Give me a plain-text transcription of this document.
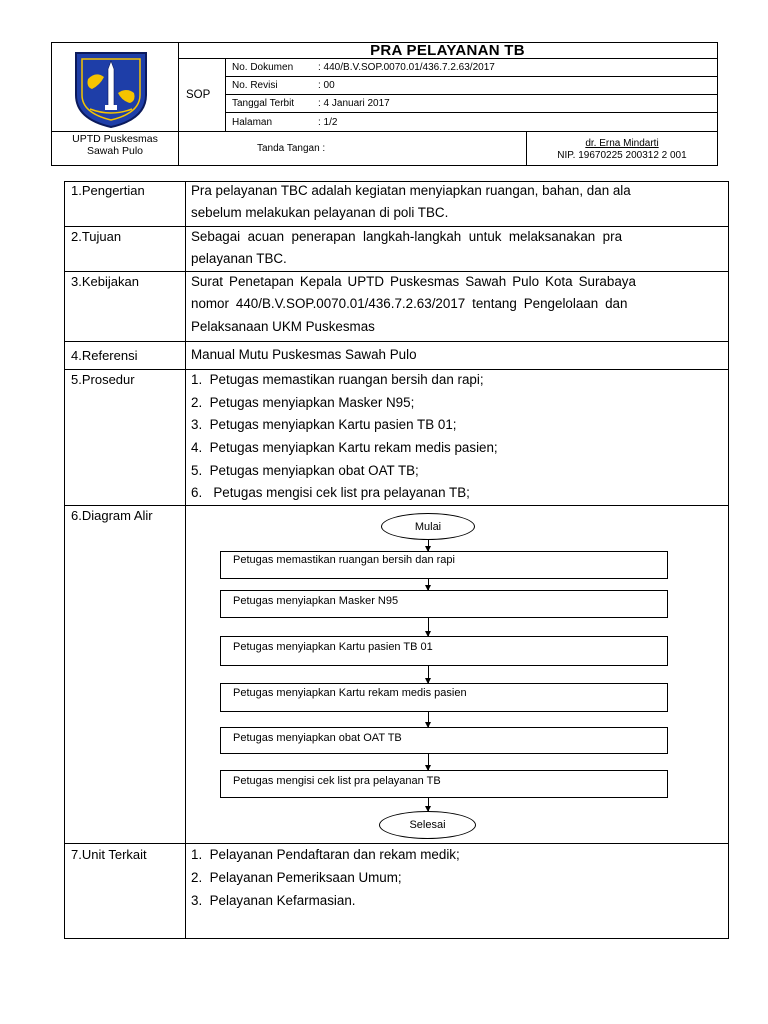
UPTD Puskesmas
Sawah Pulo
PRA PELAYANAN TB
SOP
No. Dokumen : 440/B.V.SOP.0070.01/436.7.2.63/2017
No. Revisi	: 00
Tanggal Terbit : 4 Januari 2017
Halaman	: 1/2
Tanda Tangan :	dr. Erna Mindarti
NIP. 19670225 200312 2 001
1.Pengertian	Pra pelayanan TBC adalah kegiatan menyiapkan ruangan, bahan, dan ala
sebelum melakukan pelayanan di poli TBC.
2.Tujuan	Sebagai  acuan  penerapan  langkah-langkah  untuk  melaksanakan  pra
pelayanan TBC.
3.Kebijakan	Surat Penetapan Kepala UPTD Puskesmas Sawah Pulo Kota Surabaya
nomor 440/B.V.SOP.0070.01/436.7.2.63/2017 tentang Pengelolaan dan
Pelaksanaan UKM Puskesmas
4.Referensi	Manual Mutu Puskesmas Sawah Pulo
5.Prosedur	1.  Petugas memastikan ruangan bersih dan rapi;
2.  Petugas menyiapkan Masker N95;
3.  Petugas menyiapkan Kartu pasien TB 01;
4.  Petugas menyiapkan Kartu rekam medis pasien;
5.  Petugas menyiapkan obat OAT TB;
6.   Petugas mengisi cek list pra pelayanan TB;
6.Diagram Alir
Mulai
Petugas memastikan ruangan bersih dan rapi
Petugas menyiapkan Masker N95
Petugas menyiapkan Kartu pasien TB 01
Petugas menyiapkan Kartu rekam medis pasien
Petugas menyiapkan obat OAT TB
Petugas mengisi cek list pra pelayanan TB
Selesai
7.Unit Terkait	1.  Pelayanan Pendaftaran dan rekam medik;
2.  Pelayanan Pemeriksaan Umum;
3.  Pelayanan Kefarmasian.
